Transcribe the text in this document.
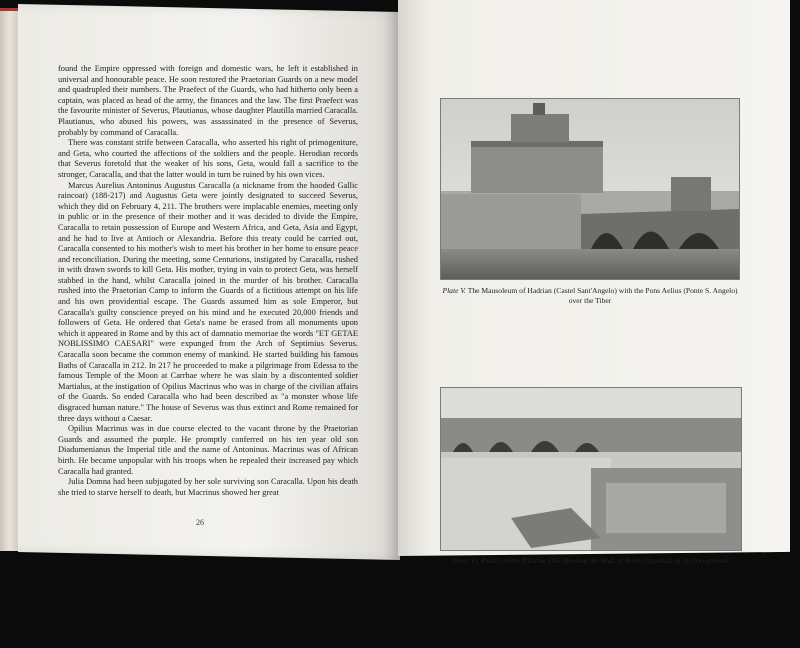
found the Empire oppressed with foreign and domestic wars, he left it established in universal and honourable peace. He soon restored the Praetorian Guards on a new model and quadrupled their numbers. The Praefect of the Guards, who had hitherto only been a captain, was placed as head of the army, the finances and the law. The first Praefect was the favourite minister of Severus, Plautianus, whose daughter Plautilla married Caracalla. Plautianus, who abused his powers, was assassinated in the presence of Severus, probably by command of Caracalla.

There was constant strife between Caracalla, who asserted his right of primogeniture, and Geta, who courted the affections of the soldiers and the people. Herodian records that Severus foretold that the weaker of his sons, Geta, would fall a sacrifice to the stronger, Caracalla, and that the latter would in turn be ruined by his own vices.

Marcus Aurelius Antoninus Augustus Caracalla (a nickname from the hooded Gallic raincoat) (188-217) and Augustus Geta were jointly designated to succeed Severus, which they did on February 4, 211. The brothers were implacable enemies, meeting only in public or in the presence of their mother and it was decided to divide the Empire, Caracalla to retain possession of Europe and Western Africa, and Geta, Asia and Egypt, and he had to live at Antioch or Alexandria. Before this treaty could be carried out, Caracalla consented to his mother's wish to meet his brother in her home to ensure peace and reconciliation. During the meeting, some Centurions, instigated by Caracalla, rushed in with drawn swords to kill Geta. His mother, trying in vain to protect Geta, was herself stabbed in the hand, whilst Caracalla joined in the murder of his brother. Caracalla rushed into the Praetorian Camp to inform the Guards of a fictitious attempt on his life and his own providential escape. The Guards assumed him as sole Emperor, but Caracalla's guilty conscience preyed on his mind and he executed 20,000 friends and followers of Geta. He ordered that Geta's name be erased from all monuments upon which it appeared in Rome and by this act of damnatio memoriae the words "ET GETAE NOBLISSIMO CAESARI" were expunged from the Arch of Septimius Severus. Caracalla soon became the common enemy of mankind. He started building his famous Baths of Caracalla in 212. In 217 he proceeded to make a pilgrimage from Edessa to the famous Temple of the Moon at Carrhae where he was slain by a discontented soldier Martialus, at the instigation of Opilius Macrinus who was in charge of the civilian affairs of the Guards. So ended Caracalla who had been described as "a monster whose life disgraced human nature." The house of Severus was thus extinct and Rome remained for three days without a Caesar.

Opilius Macrinus was in due course elected to the vacant throne by the Praetorian Guards and assumed the purple. He promptly conferred on his ten year old son Diadumenianus the Imperial title and the name of Antoninus. Macrinus was of African birth. He became unpopular with his troops when he repealed their increased pay which Caracalla had granted.

Julia Domna had been subjugated by her sole surviving son Caracalla. Upon his death she tried to starve herself to death, but Macrinus showed her great

26
Plate V. The Mausoleum of Hadrian (Castel Sant'Angelo) with the Pons Aelius (Ponte S. Angelo) over the Tiber
Plate VI. Ruins on the Palatine Hill showing the Wall of Roma Quadrata in the foreground
